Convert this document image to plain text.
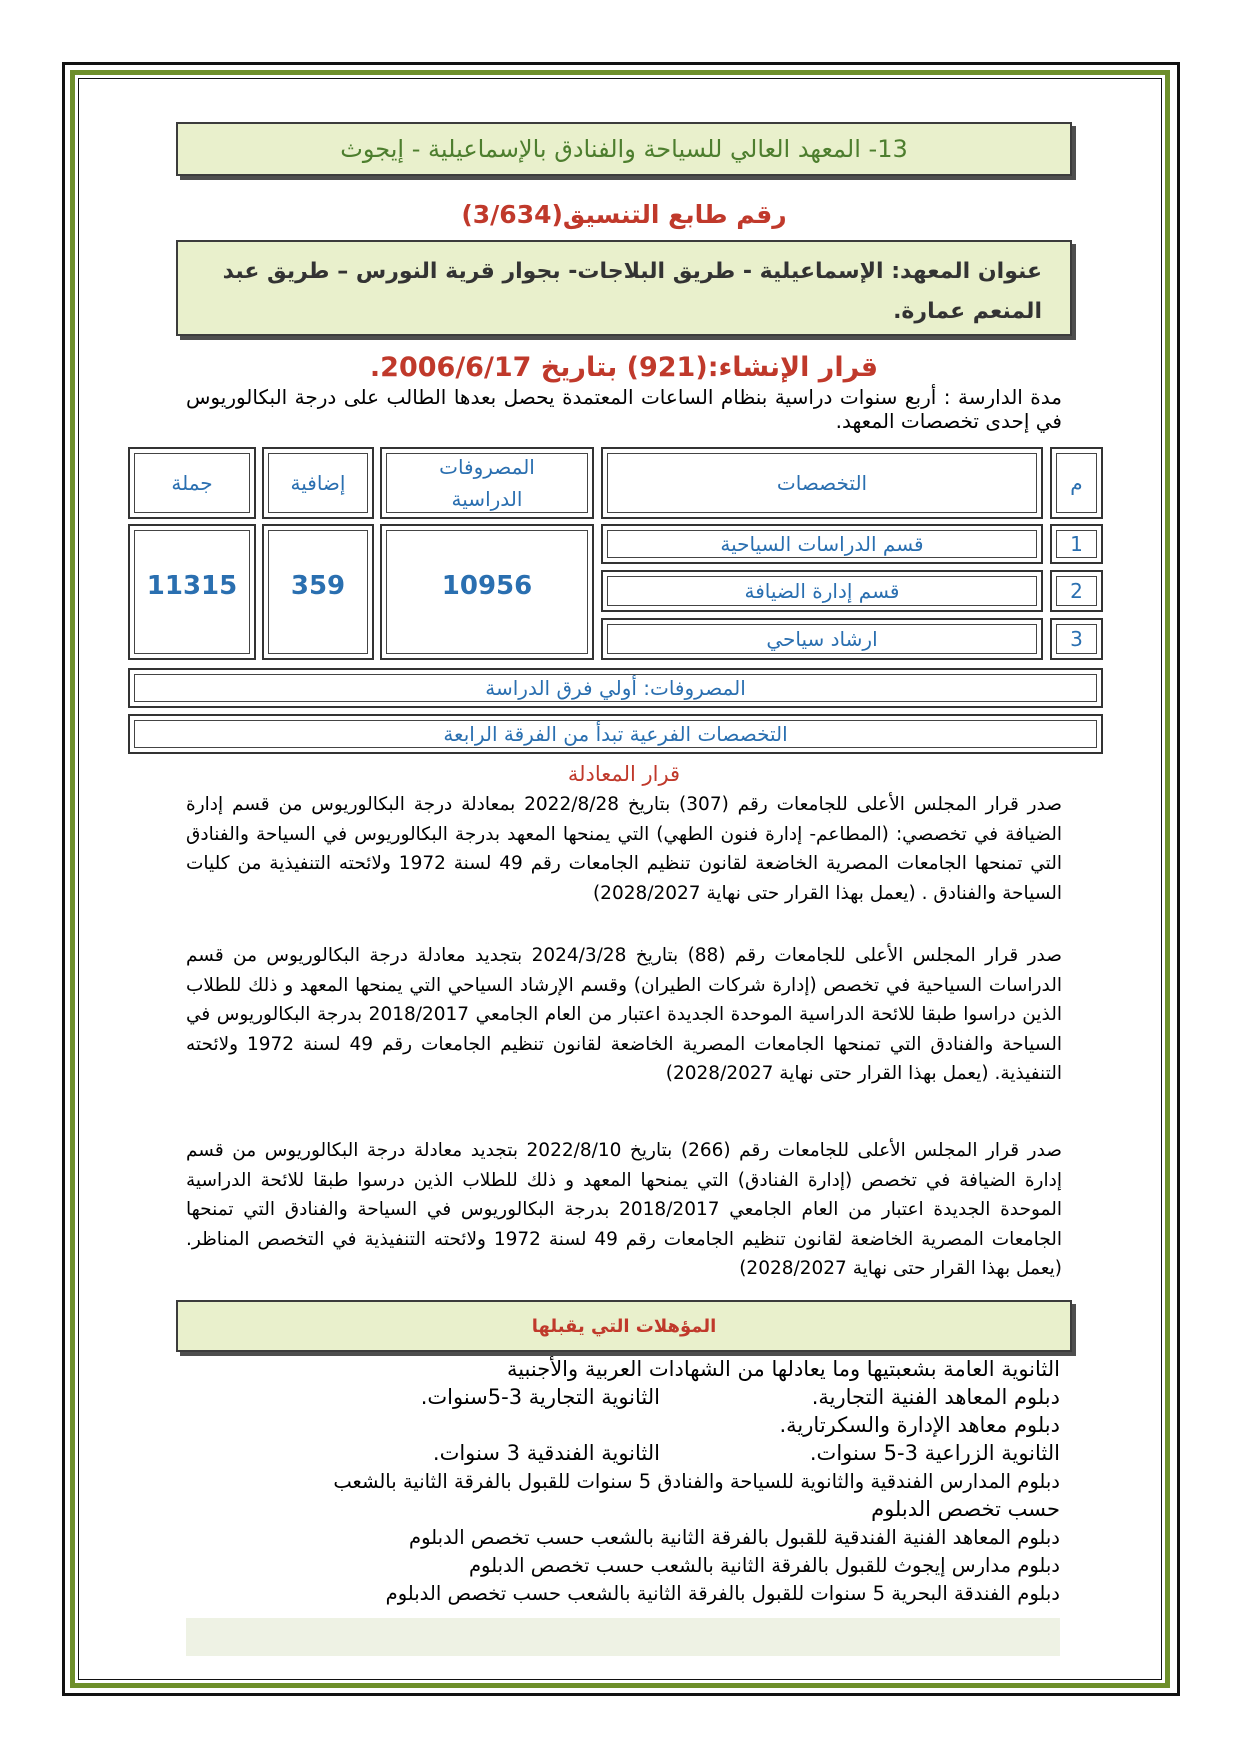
13- المعهد العالي للسياحة والفنادق بالإسماعيلية - إيجوث
رقم طابع التنسيق(3/634)
عنوان المعهد: الإسماعيلية - طريق البلاجات- بجوار قرية النورس – طريق عبد المنعم عمارة.
قرار الإنشاء:(921) بتاريخ 2006/6/17.
مدة الدارسة : أربع سنوات دراسية بنظام الساعات المعتمدة يحصل بعدها الطالب على درجة البكالوريوس في إحدى تخصصات المعهد.
م
التخصصات
المصروفات الدراسية
إضافية
جملة
1
قسم الدراسات السياحية
2
قسم إدارة الضيافة
3
ارشاد سياحي
10956
359
11315
المصروفات: أولي فرق الدراسة
التخصصات الفرعية تبدأ من الفرقة الرابعة
قرار المعادلة
صدر قرار المجلس الأعلى للجامعات رقم (307) بتاريخ 2022/8/28 بمعادلة درجة البكالوريوس من قسم إدارة الضيافة في تخصصي: (المطاعم- إدارة فنون الطهي) التي يمنحها المعهد بدرجة البكالوريوس في السياحة والفنادق التي تمنحها الجامعات المصرية الخاضعة لقانون تنظيم الجامعات رقم 49 لسنة 1972 ولائحته التنفيذية من كليات السياحة والفنادق . (يعمل بهذا القرار حتى نهاية 2028/2027)
صدر قرار المجلس الأعلى للجامعات رقم (88) بتاريخ 2024/3/28 بتجديد معادلة درجة البكالوريوس من قسم الدراسات السياحية في تخصص (إدارة شركات الطيران) وقسم الإرشاد السياحي التي يمنحها المعهد و ذلك للطلاب الذين دراسوا طبقا للائحة الدراسية الموحدة الجديدة اعتبار من العام الجامعي 2018/2017 بدرجة البكالوريوس في السياحة والفنادق التي تمنحها الجامعات المصرية الخاضعة لقانون تنظيم الجامعات رقم 49 لسنة 1972 ولائحته التنفيذية. (يعمل بهذا القرار حتى نهاية 2028/2027)
صدر قرار المجلس الأعلى للجامعات رقم (266) بتاريخ 2022/8/10 بتجديد معادلة درجة البكالوريوس من قسم إدارة الضيافة في تخصص (إدارة الفنادق) التي يمنحها المعهد و ذلك للطلاب الذين درسوا طبقا للائحة الدراسية الموحدة الجديدة اعتبار من العام الجامعي 2018/2017 بدرجة البكالوريوس في السياحة والفنادق التي تمنحها الجامعات المصرية الخاضعة لقانون تنظيم الجامعات رقم 49 لسنة 1972 ولائحته التنفيذية في التخصص المناظر. (يعمل بهذا القرار حتى نهاية 2028/2027)
المؤهلات التي يقبلها
الثانوية العامة بشعبتيها وما يعادلها من الشهادات العربية والأجنبية
دبلوم المعاهد الفنية التجارية.
الثانوية التجارية 3-5سنوات.
دبلوم معاهد الإدارة والسكرتارية.
الثانوية الزراعية 3-5 سنوات.
الثانوية الفندقية 3 سنوات.
دبلوم المدارس الفندقية والثانوية للسياحة والفنادق 5 سنوات للقبول بالفرقة الثانية بالشعب
حسب تخصص الدبلوم
دبلوم المعاهد الفنية الفندقية للقبول بالفرقة الثانية بالشعب حسب تخصص الدبلوم
دبلوم مدارس إيجوث للقبول بالفرقة الثانية بالشعب حسب تخصص الدبلوم
دبلوم الفندقة البحرية 5 سنوات للقبول بالفرقة الثانية بالشعب حسب تخصص الدبلوم
